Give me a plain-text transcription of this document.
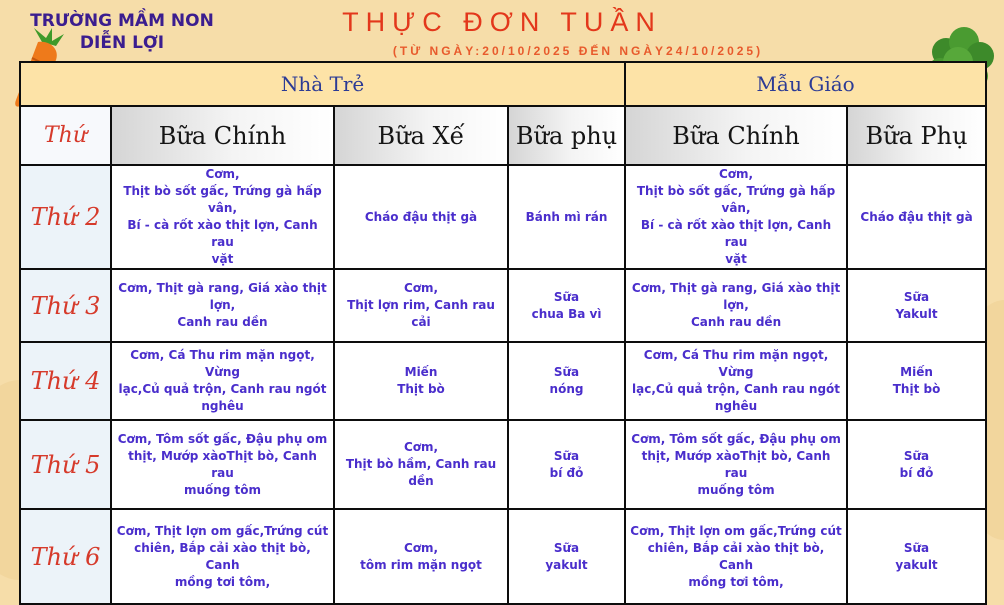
TRƯỜNG MẦM NON
DIỄN LỢI
THỰC ĐƠN TUẦN
(TỪ NGÀY:20/10/2025 ĐẾN NGÀY24/10/2025)
Nhà Trẻ				Mẫu Giáo	
Thứ	Bữa Chính	Bữa Xế	Bữa phụ	Bữa Chính	Bữa Phụ
Thứ 2	Cơm,
Thịt bò sốt gấc, Trứng gà hấp vân,
Bí - cà rốt xào thịt lợn, Canh rau
vặt	Cháo đậu thịt gà	Bánh mì rán	Cơm,
Thịt bò sốt gấc, Trứng gà hấp vân,
Bí - cà rốt xào thịt lợn, Canh rau
vặt	Cháo đậu thịt gà
Thứ 3	Cơm, Thịt gà rang, Giá xào thịt lợn,
Canh rau dền	Cơm,
Thịt lợn rim, Canh rau cải	Sữa
chua Ba vì	Cơm, Thịt gà rang, Giá xào thịt lợn,
Canh rau dền	Sữa
Yakult
Thứ 4	Cơm, Cá Thu rim mặn ngọt, Vừng
lạc,Củ quả trộn, Canh rau ngót
nghêu	Miến
Thịt bò	Sữa
nóng	Cơm, Cá Thu rim mặn ngọt, Vừng
lạc,Củ quả trộn, Canh rau ngót
nghêu	Miến
Thịt bò
Thứ 5	Cơm, Tôm sốt gấc, Đậu phụ om
thịt, Mướp xàoThịt bò, Canh rau
muống tôm	Cơm,
Thịt bò hầm, Canh rau
dền	Sữa
bí đỏ	Cơm, Tôm sốt gấc, Đậu phụ om
thịt, Mướp xàoThịt bò, Canh rau
muống tôm	Sữa
bí đỏ
Thứ 6	Cơm, Thịt lợn om gấc,Trứng cút
chiên, Bắp cải xào thịt bò, Canh
mồng tơi tôm,	Cơm,
tôm rim mặn ngọt	Sữa
yakult	Cơm, Thịt lợn om gấc,Trứng cút
chiên, Bắp cải xào thịt bò, Canh
mồng tơi tôm,	Sữa
yakult
